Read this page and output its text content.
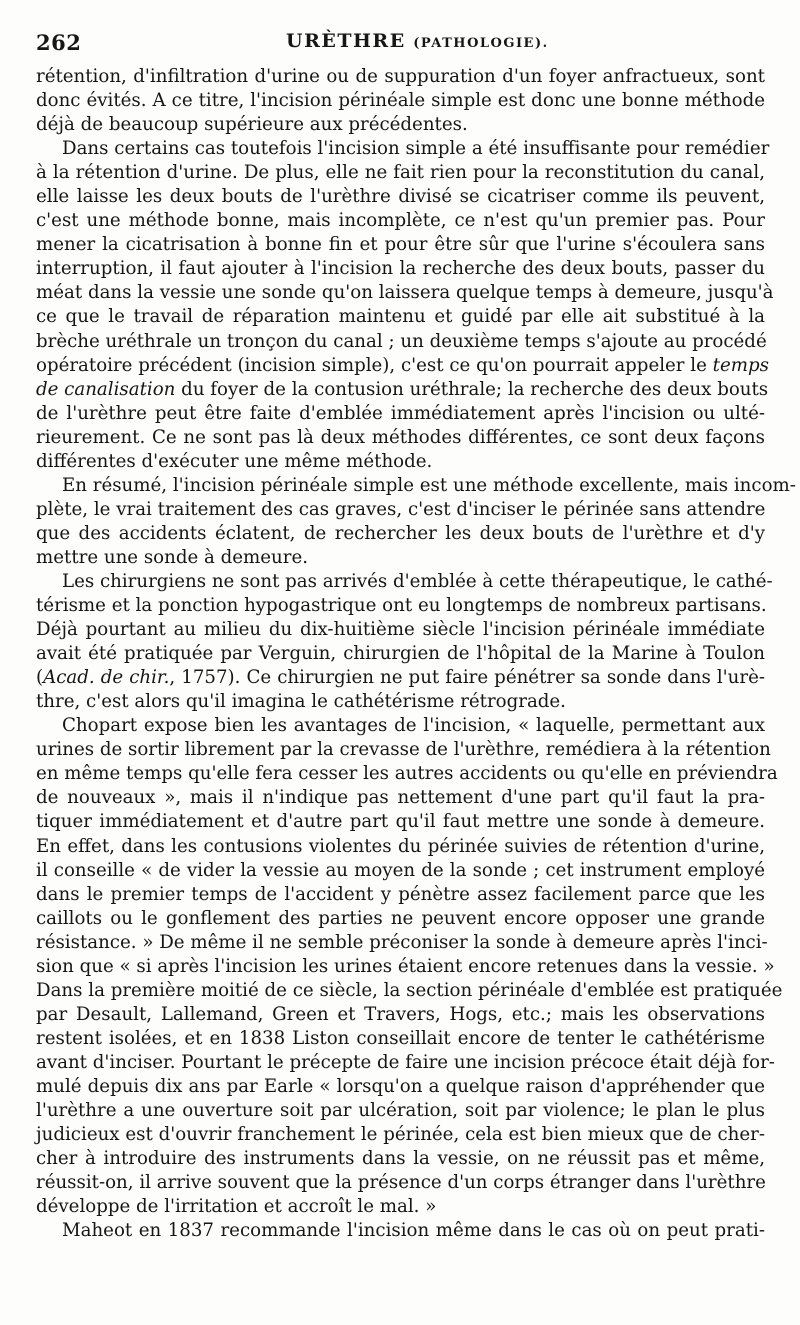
262	URÈTHRE (PATHOLOGIE).
rétention, d'infiltration d'urine ou de suppuration d'un foyer anfractueux, sont
donc évités. A ce titre, l'incision périnéale simple est donc une bonne méthode
déjà de beaucoup supérieure aux précédentes.
Dans certains cas toutefois l'incision simple a été insuffisante pour remédier
à la rétention d'urine. De plus, elle ne fait rien pour la reconstitution du canal,
elle laisse les deux bouts de l'urèthre divisé se cicatriser comme ils peuvent,
c'est une méthode bonne, mais incomplète, ce n'est qu'un premier pas. Pour
mener la cicatrisation à bonne fin et pour être sûr que l'urine s'écoulera sans
interruption, il faut ajouter à l'incision la recherche des deux bouts, passer du
méat dans la vessie une sonde qu'on laissera quelque temps à demeure, jusqu'à
ce que le travail de réparation maintenu et guidé par elle ait substitué à la
brèche uréthrale un tronçon du canal ; un deuxième temps s'ajoute au procédé
opératoire précédent (incision simple), c'est ce qu'on pourrait appeler le temps
de canalisation du foyer de la contusion uréthrale; la recherche des deux bouts
de l'urèthre peut être faite d'emblée immédiatement après l'incision ou ulté-
rieurement. Ce ne sont pas là deux méthodes différentes, ce sont deux façons
différentes d'exécuter une même méthode.
En résumé, l'incision périnéale simple est une méthode excellente, mais incom-
plète, le vrai traitement des cas graves, c'est d'inciser le périnée sans attendre
que des accidents éclatent, de rechercher les deux bouts de l'urèthre et d'y
mettre une sonde à demeure.
Les chirurgiens ne sont pas arrivés d'emblée à cette thérapeutique, le cathé-
térisme et la ponction hypogastrique ont eu longtemps de nombreux partisans.
Déjà pourtant au milieu du dix-huitième siècle l'incision périnéale immédiate
avait été pratiquée par Verguin, chirurgien de l'hôpital de la Marine à Toulon
(Acad. de chir., 1757). Ce chirurgien ne put faire pénétrer sa sonde dans l'urè-
thre, c'est alors qu'il imagina le cathétérisme rétrograde.
Chopart expose bien les avantages de l'incision, « laquelle, permettant aux
urines de sortir librement par la crevasse de l'urèthre, remédiera à la rétention
en même temps qu'elle fera cesser les autres accidents ou qu'elle en préviendra
de nouveaux », mais il n'indique pas nettement d'une part qu'il faut la pra-
tiquer immédiatement et d'autre part qu'il faut mettre une sonde à demeure.
En effet, dans les contusions violentes du périnée suivies de rétention d'urine,
il conseille « de vider la vessie au moyen de la sonde ; cet instrument employé
dans le premier temps de l'accident y pénètre assez facilement parce que les
caillots ou le gonflement des parties ne peuvent encore opposer une grande
résistance. » De même il ne semble préconiser la sonde à demeure après l'inci-
sion que « si après l'incision les urines étaient encore retenues dans la vessie. »
Dans la première moitié de ce siècle, la section périnéale d'emblée est pratiquée
par Desault, Lallemand, Green et Travers, Hogs, etc.; mais les observations
restent isolées, et en 1838 Liston conseillait encore de tenter le cathétérisme
avant d'inciser. Pourtant le précepte de faire une incision précoce était déjà for-
mulé depuis dix ans par Earle « lorsqu'on a quelque raison d'appréhender que
l'urèthre a une ouverture soit par ulcération, soit par violence; le plan le plus
judicieux est d'ouvrir franchement le périnée, cela est bien mieux que de cher-
cher à introduire des instruments dans la vessie, on ne réussit pas et même,
réussit-on, il arrive souvent que la présence d'un corps étranger dans l'urèthre
développe de l'irritation et accroît le mal. »
Maheot en 1837 recommande l'incision même dans le cas où on peut prati-
